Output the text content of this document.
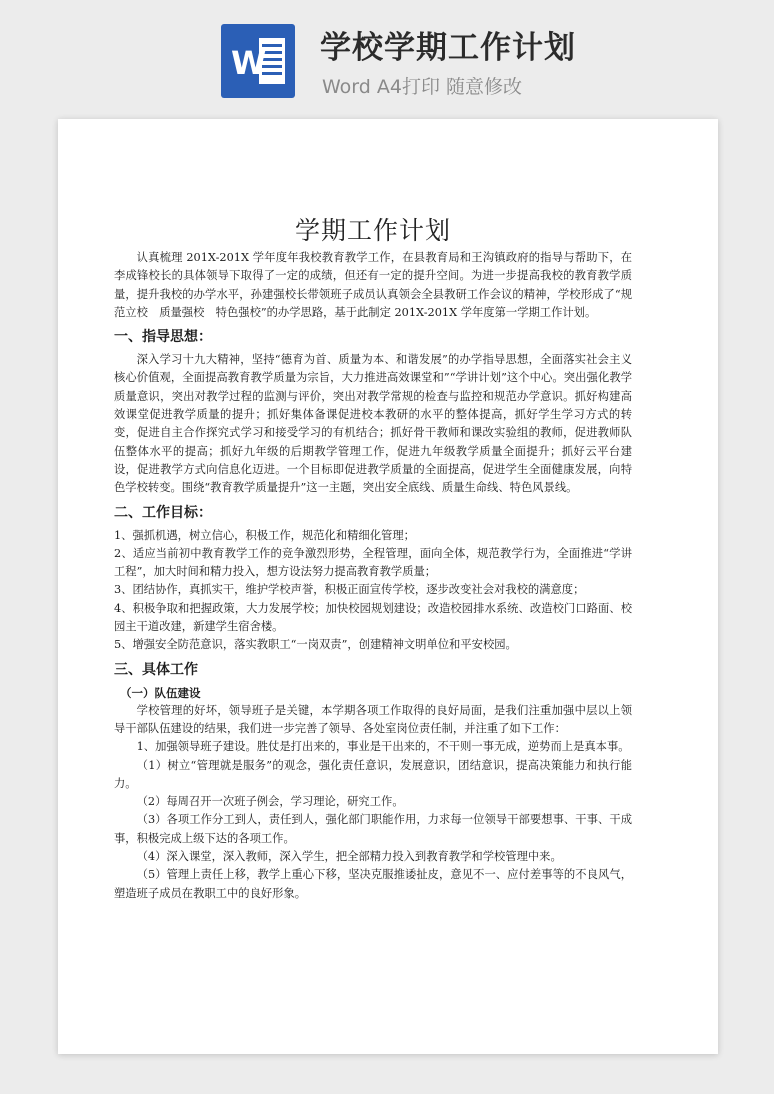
W 学校学期工作计划
Word A4打印 随意修改
学期工作计划

认真梳理 201X-201X 学年度年我校教育教学工作，在县教育局和王沟镇政府的指导与帮助下，在李成锋校长的具体领导下取得了一定的成绩，但还有一定的提升空间。为进一步提高我校的教育教学质量，提升我校的办学水平，孙建强校长带领班子成员认真领会全县教研工作会议的精神，学校形成了“规范立校　质量强校　特色强校”的办学思路，基于此制定 201X-201X 学年度第一学期工作计划。

一、指导思想：

深入学习十九大精神，坚持“德育为首、质量为本、和谐发展”的办学指导思想，全面落实社会主义核心价值观，全面提高教育教学质量为宗旨，大力推进高效课堂和”“学讲计划”这个中心。突出强化教学质量意识，突出对教学过程的监测与评价，突出对教学常规的检查与监控和规范办学意识。抓好构建高效课堂促进教学质量的提升；抓好集体备课促进校本教研的水平的整体提高，抓好学生学习方式的转变，促进自主合作探究式学习和接受学习的有机结合；抓好骨干教师和课改实验组的教师，促进教师队伍整体水平的提高；抓好九年级的后期教学管理工作，促进九年级教学质量全面提升；抓好云平台建设，促进教学方式向信息化迈进。一个目标即促进教学质量的全面提高，促进学生全面健康发展，向特色学校转变。围绕“教育教学质量提升”这一主题，突出安全底线、质量生命线、特色风景线。

二、工作目标：
1、强抓机遇，树立信心，积极工作，规范化和精细化管理；
2、适应当前初中教育教学工作的竞争激烈形势，全程管理，面向全体，规范教学行为，全面推进“学讲工程”，加大时间和精力投入，想方设法努力提高教育教学质量；
3、团结协作，真抓实干，维护学校声誉，积极正面宣传学校，逐步改变社会对我校的满意度；
4、积极争取和把握政策，大力发展学校；加快校园规划建设；改造校园排水系统、改造校门口路面、校园主干道改建，新建学生宿舍楼。
5、增强安全防范意识，落实教职工“一岗双责”，创建精神文明单位和平安校园。
三、具体工作
（一）队伍建设

学校管理的好坏，领导班子是关键，本学期各项工作取得的良好局面，是我们注重加强中层以上领导干部队伍建设的结果，我们进一步完善了领导、各处室岗位责任制，并注重了如下工作：

1、加强领导班子建设。胜仗是打出来的，事业是干出来的，不干则一事无成，逆势而上是真本事。

（1）树立“管理就是服务”的观念，强化责任意识，发展意识，团结意识，提高决策能力和执行能力。

（2）每周召开一次班子例会，学习理论，研究工作。

（3）各项工作分工到人，责任到人，强化部门职能作用，力求每一位领导干部要想事、干事、干成事，积极完成上级下达的各项工作。

（4）深入课堂，深入教师，深入学生，把全部精力投入到教育教学和学校管理中来。

（5）管理上责任上移，教学上重心下移，坚决克服推诿扯皮，意见不一、应付差事等的不良风气，塑造班子成员在教职工中的良好形象。
